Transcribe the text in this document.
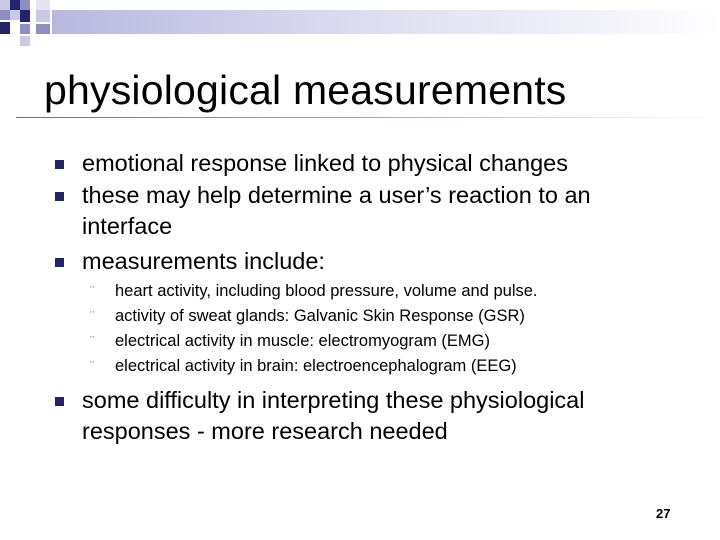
physiological measurements
emotional response linked to physical changes
these may help determine a user’s reaction to an interface
measurements include:
¨ heart activity, including blood pressure, volume and pulse.
¨ activity of sweat glands: Galvanic Skin Response (GSR)
¨ electrical activity in muscle: electromyogram (EMG)
¨ electrical activity in brain: electroencephalogram (EEG)
some difficulty in interpreting these physiological responses - more research needed
27
